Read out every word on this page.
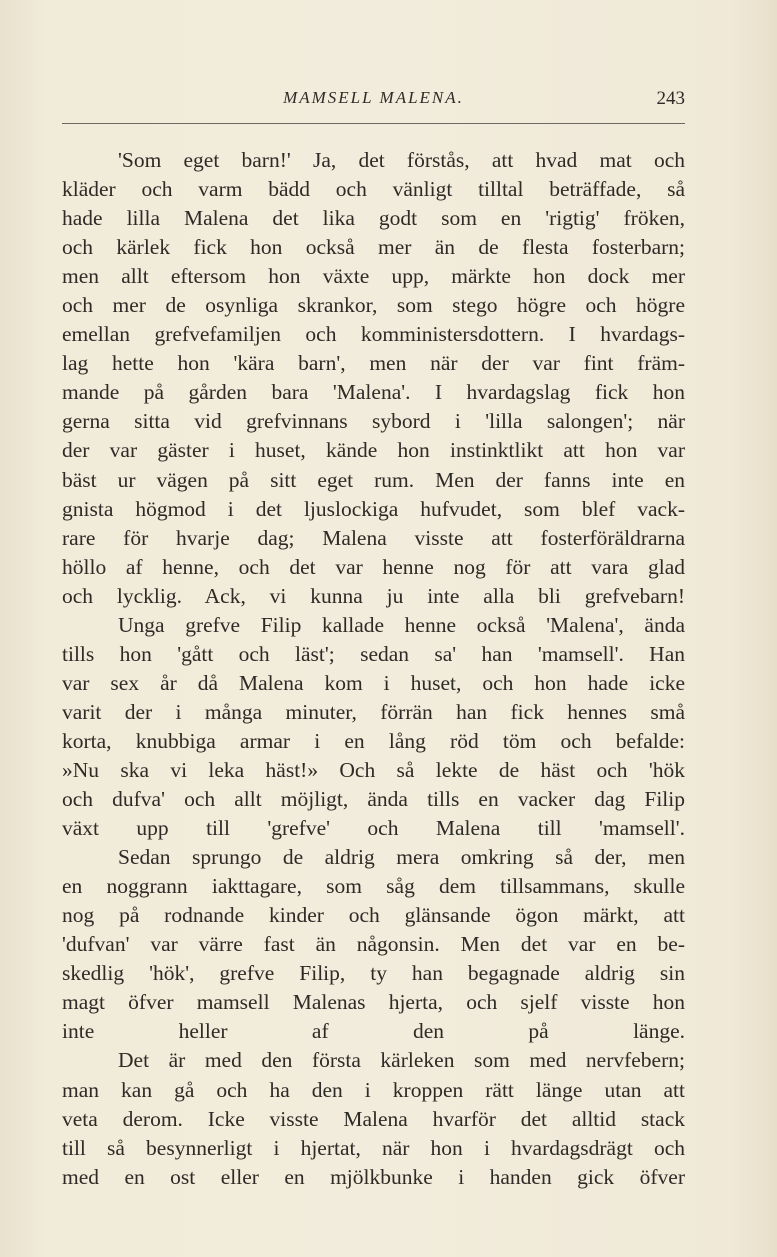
MAMSELL MALENA.	243
'Som eget barn!' Ja, det förstås, att hvad mat och
kläder och varm bädd och vänligt tilltal beträffade, så
hade lilla Malena det lika godt som en 'rigtig' fröken,
och kärlek fick hon också mer än de flesta fosterbarn;
men allt eftersom hon växte upp, märkte hon dock mer
och mer de osynliga skrankor, som stego högre och högre
emellan grefvefamiljen och komministersdottern. I hvardags-
lag hette hon 'kära barn', men när der var fint främ-
mande på gården bara 'Malena'. I hvardagslag fick hon
gerna sitta vid grefvinnans sybord i 'lilla salongen'; när
der var gäster i huset, kände hon instinktlikt att hon var
bäst ur vägen på sitt eget rum. Men der fanns inte en
gnista högmod i det ljuslockiga hufvudet, som blef vack-
rare för hvarje dag; Malena visste att fosterföräldrarna
höllo af henne, och det var henne nog för att vara glad
och lycklig. Ack, vi kunna ju inte alla bli grefvebarn!
Unga grefve Filip kallade henne också 'Malena', ända
tills hon 'gått och läst'; sedan sa' han 'mamsell'. Han
var sex år då Malena kom i huset, och hon hade icke
varit der i många minuter, förrän han fick hennes små
korta, knubbiga armar i en lång röd töm och befalde:
»Nu ska vi leka häst!» Och så lekte de häst och 'hök
och dufva' och allt möjligt, ända tills en vacker dag Filip
växt upp till 'grefve' och Malena till 'mamsell'.
Sedan sprungo de aldrig mera omkring så der, men
en noggrann iakttagare, som såg dem tillsammans, skulle
nog på rodnande kinder och glänsande ögon märkt, att
'dufvan' var värre fast än någonsin. Men det var en be-
skedlig 'hök', grefve Filip, ty han begagnade aldrig sin
magt öfver mamsell Malenas hjerta, och sjelf visste hon
inte heller af den på länge.
Det är med den första kärleken som med nervfebern;
man kan gå och ha den i kroppen rätt länge utan att
veta derom. Icke visste Malena hvarför det alltid stack
till så besynnerligt i hjertat, när hon i hvardagsdrägt och
med en ost eller en mjölkbunke i handen gick öfver
